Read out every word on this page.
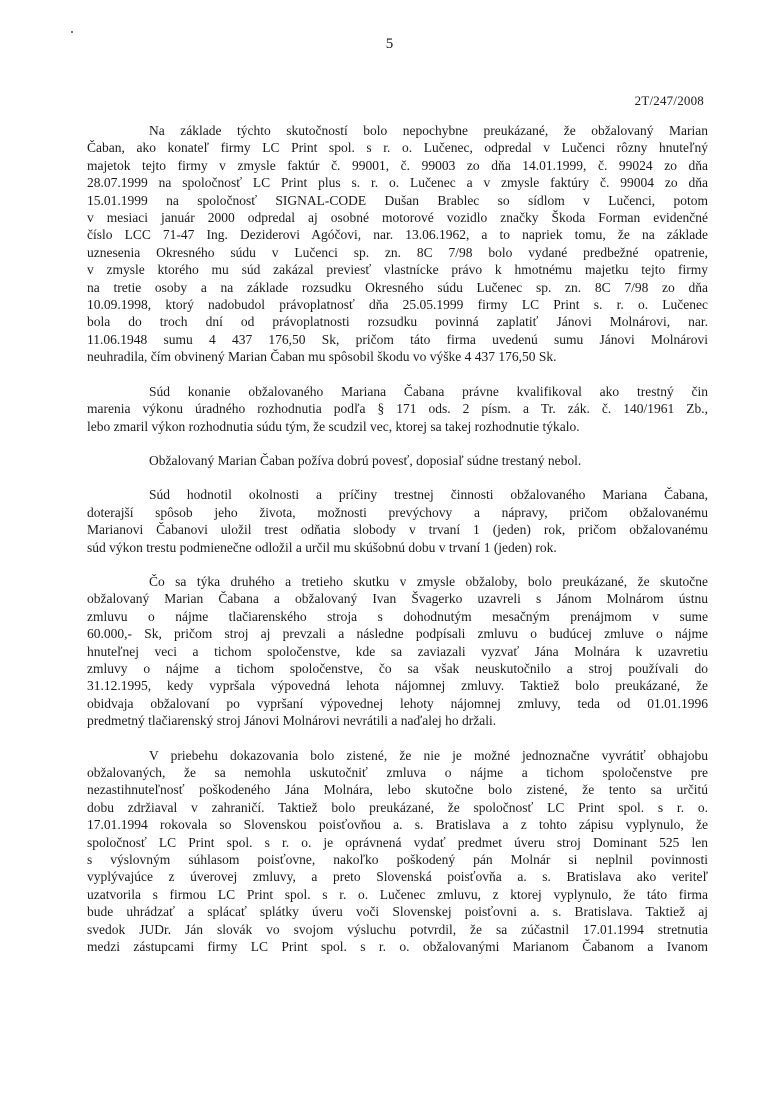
5
2T/247/2008

Na základe týchto skutočností bolo nepochybne preukázané, že obžalovaný Marian
Čaban, ako konateľ firmy LC Print spol. s r. o. Lučenec, odpredal v Lučenci rôzny hnuteľný
majetok tejto firmy v zmysle faktúr č. 99001, č. 99003 zo dňa 14.01.1999, č. 99024 zo dňa
28.07.1999 na spoločnosť LC Print plus s. r. o. Lučenec a v zmysle faktúry č. 99004 zo dňa
15.01.1999 na spoločnosť SIGNAL-CODE Dušan Brablec so sídlom v Lučenci, potom
v mesiaci január 2000 odpredal aj osobné motorové vozidlo značky Škoda Forman evidenčné
číslo LCC 71-47 Ing. Deziderovi Agóčovi, nar. 13.06.1962, a to napriek tomu, že na základe
uznesenia Okresného súdu v Lučenci sp. zn. 8C 7/98 bolo vydané predbežné opatrenie,
v zmysle ktorého mu súd zakázal previesť vlastnícke právo k hmotnému majetku tejto firmy
na tretie osoby a na základe rozsudku Okresného súdu Lučenec sp. zn. 8C 7/98 zo dňa
10.09.1998, ktorý nadobudol právoplatnosť dňa 25.05.1999 firmy LC Print s. r. o. Lučenec
bola do troch dní od právoplatnosti rozsudku povinná zaplatiť Jánovi Molnárovi, nar.
11.06.1948 sumu 4 437 176,50 Sk, pričom táto firma uvedenú sumu Jánovi Molnárovi
neuhradila, čím obvinený Marian Čaban mu spôsobil škodu vo výške 4 437 176,50 Sk.

Súd konanie obžalovaného Mariana Čabana právne kvalifikoval ako trestný čin
marenia výkonu úradného rozhodnutia podľa § 171 ods. 2 písm. a Tr. zák. č. 140/1961 Zb.,
lebo zmaril výkon rozhodnutia súdu tým, že scudzil vec, ktorej sa takej rozhodnutie týkalo.

Obžalovaný Marian Čaban požíva dobrú povesť, doposiaľ súdne trestaný nebol.

Súd hodnotil okolnosti a príčiny trestnej činnosti obžalovaného Mariana Čabana,
doterajší spôsob jeho života, možnosti prevýchovy a nápravy, pričom obžalovanému
Marianovi Čabanovi uložil trest odňatia slobody v trvaní 1 (jeden) rok, pričom obžalovanému
súd výkon trestu podmienečne odložil a určil mu skúšobnú dobu v trvaní 1 (jeden) rok.

Čo sa týka druhého a tretieho skutku v zmysle obžaloby, bolo preukázané, že skutočne
obžalovaný Marian Čabana a obžalovaný Ivan Švagerko uzavreli s Jánom Molnárom ústnu
zmluvu o nájme tlačiarenského stroja s dohodnutým mesačným prenájmom v sume
60.000,- Sk, pričom stroj aj prevzali a následne podpísali zmluvu o budúcej zmluve o nájme
hnuteľnej veci a tichom spoločenstve, kde sa zaviazali vyzvať Jána Molnára k uzavretiu
zmluvy o nájme a tichom spoločenstve, čo sa však neuskutočnilo a stroj používali do
31.12.1995, kedy vypršala výpovedná lehota nájomnej zmluvy. Taktiež bolo preukázané, že
obidvaja obžalovaní po vypršaní výpovednej lehoty nájomnej zmluvy, teda od 01.01.1996
predmetný tlačiarenský stroj Jánovi Molnárovi nevrátili a naďalej ho držali.

V priebehu dokazovania bolo zistené, že nie je možné jednoznačne vyvrátiť obhajobu
obžalovaných, že sa nemohla uskutočniť zmluva o nájme a tichom spoločenstve pre
nezastihnuteľnosť poškodeného Jána Molnára, lebo skutočne bolo zistené, že tento sa určitú
dobu zdržiaval v zahraničí. Taktiež bolo preukázané, že spoločnosť LC Print spol. s r. o.
17.01.1994 rokovala so Slovenskou poisťovňou a. s. Bratislava a z tohto zápisu vyplynulo, že
spoločnosť LC Print spol. s r. o. je oprávnená vydať predmet úveru stroj Dominant 525 len
s výslovným súhlasom poisťovne, nakoľko poškodený pán Molnár si neplnil povinnosti
vyplývajúce z úverovej zmluvy, a preto Slovenská poisťovňa a. s. Bratislava ako veriteľ
uzatvorila s firmou LC Print spol. s r. o. Lučenec zmluvu, z ktorej vyplynulo, že táto firma
bude uhrádzať a splácať splátky úveru voči Slovenskej poisťovni a. s. Bratislava. Taktiež aj
svedok JUDr. Ján slovák vo svojom výsluchu potvrdil, že sa zúčastnil 17.01.1994 stretnutia
medzi zástupcami firmy LC Print spol. s r. o. obžalovanými Marianom Čabanom a Ivanom
